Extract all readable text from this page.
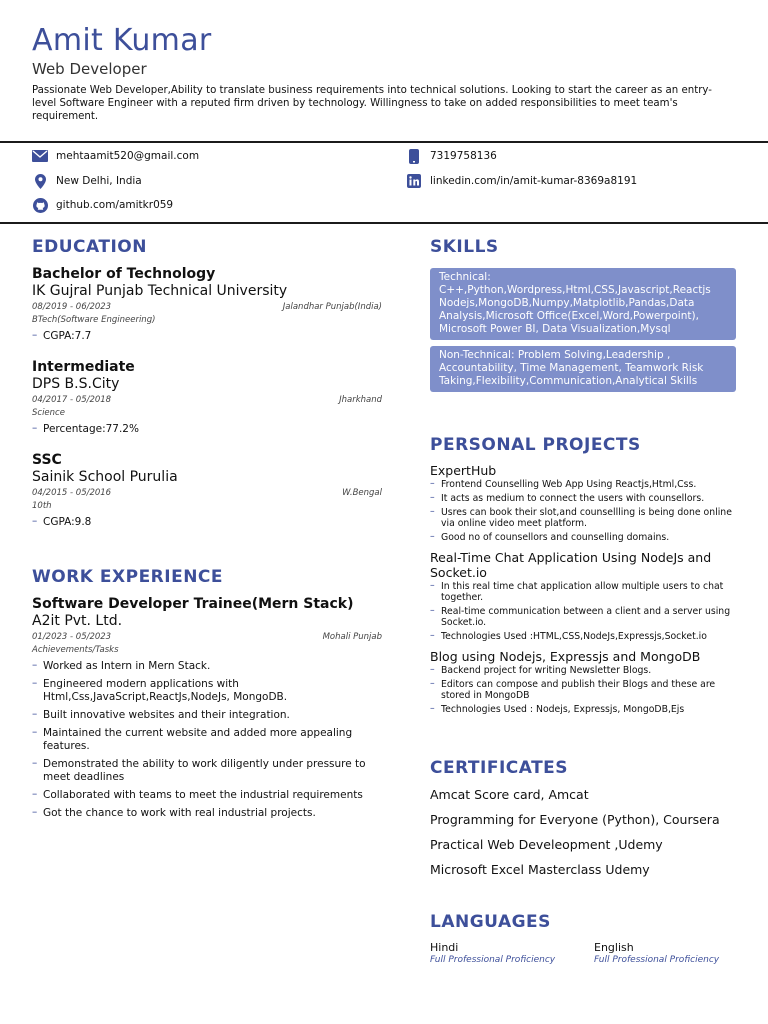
Amit Kumar
Web Developer
Passionate Web Developer,Ability to translate business requirements into technical solutions. Looking to start the career as an entry-level Software Engineer with a reputed firm driven by technology. Willingness to take on added responsibilities to meet team's requirement.
mehtaamit520@gmail.com	7319758136
New Delhi, India	linkedin.com/in/amit-kumar-8369a8191
github.com/amitkr059
EDUCATION
Bachelor of Technology
IK Gujral Punjab Technical University
08/2019 - 06/2023	Jalandhar Punjab(India)
BTech(Software Engineering)
– CGPA:7.7
Intermediate
DPS B.S.City
04/2017 - 05/2018	Jharkhand
Science
– Percentage:77.2%
SSC
Sainik School Purulia
04/2015 - 05/2016	W.Bengal
10th
– CGPA:9.8
WORK EXPERIENCE
Software Developer Trainee(Mern Stack)
A2it Pvt. Ltd.
01/2023 - 05/2023	Mohali Punjab
Achievements/Tasks
– Worked as Intern in Mern Stack.
– Engineered modern applications with Html,Css,JavaScript,ReactJs,NodeJs, MongoDB.
– Built innovative websites and their integration.
– Maintained the current website and added more appealing features.
– Demonstrated the ability to work diligently under pressure to meet deadlines
– Collaborated with teams to meet the industrial requirements
– Got the chance to work with real industrial projects.
SKILLS
Technical: C++,Python,Wordpress,Html,CSS,Javascript,Reactjs Nodejs,MongoDB,Numpy,Matplotlib,Pandas,Data Analysis,Microsoft Office(Excel,Word,Powerpoint), Microsoft Power BI, Data Visualization,Mysql
Non-Technical: Problem Solving,Leadership , Accountability, Time Management, Teamwork Risk Taking,Flexibility,Communication,Analytical Skills
PERSONAL PROJECTS
ExpertHub
– Frontend Counselling Web App Using Reactjs,Html,Css.
– It acts as medium to connect the users with counsellors.
– Usres can book their slot,and counsellling is being done online via online video meet platform.
– Good no of counsellors and counselling domains.
Real-Time Chat Application Using NodeJs and Socket.io
– In this real time chat application allow multiple users to chat together.
– Real-time communication between a client and a server using Socket.io.
– Technologies Used :HTML,CSS,NodeJs,Expressjs,Socket.io
Blog using Nodejs, Expressjs and MongoDB
– Backend project for writing Newsletter Blogs.
– Editors can compose and publish their Blogs and these are stored in MongoDB
– Technologies Used : Nodejs, Expressjs, MongoDB,Ejs
CERTIFICATES
Amcat Score card, Amcat
Programming for Everyone (Python), Coursera
Practical Web Develeopment ,Udemy
Microsoft Excel Masterclass Udemy
LANGUAGES
Hindi
Full Professional Proficiency
English
Full Professional Proficiency
